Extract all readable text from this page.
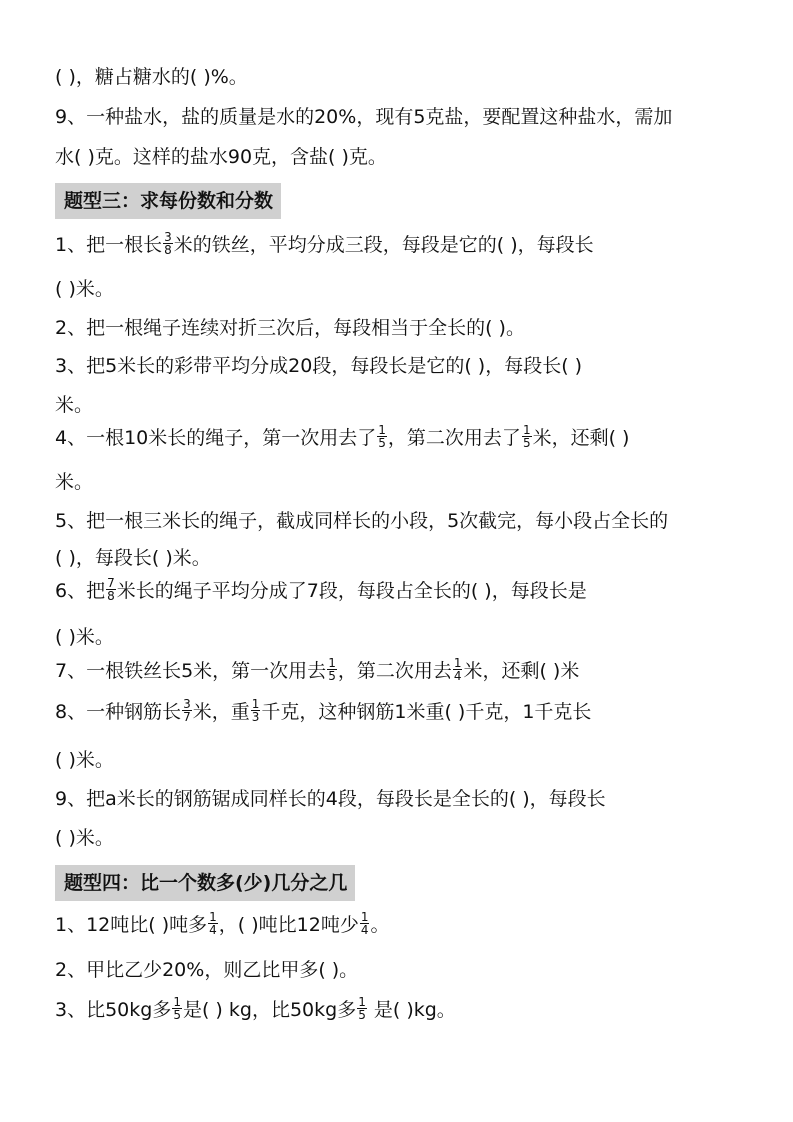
( )，糖占糖水的( )%。
9、一种盐水，盐的质量是水的20%，现有5克盐，要配置这种盐水，需加
水( )克。这样的盐水90克，含盐( )克。
题型三：求每份数和分数
1、把一根长 $\frac{3}{8}$ 米的铁丝，平均分成三段，每段是它的( )，每段长
( )米。
2、把一根绳子连续对折三次后，每段相当于全长的( )。
3、把5米长的彩带平均分成20段，每段长是它的( )，每段长( )
米。
4、一根10米长的绳子，第一次用去了 $\frac{1}{5}$ ，第二次用去了 $\frac{1}{5}$ 米，还剩( )
米。
5、把一根三米长的绳子，截成同样长的小段，5次截完，每小段占全长的
( )，每段长( )米。
6、把 $\frac{7}{8}$ 米长的绳子平均分成了7段，每段占全长的( )，每段长是
( )米。
7、一根铁丝长5米，第一次用去 $\frac{1}{5}$ ，第二次用去 $\frac{1}{4}$ 米，还剩( )米
8、一种钢筋长 $\frac{3}{7}$ 米，重 $\frac{1}{3}$ 千克，这种钢筋1米重( )千克，1千克长
( )米。
9、把a米长的钢筋锯成同样长的4段，每段长是全长的( )，每段长
( )米。
题型四：比一个数多(少)几分之几
1、12吨比( )吨多 $\frac{1}{4}$ ，( )吨比12吨少 $\frac{1}{4}$ 。
2、甲比乙少20%，则乙比甲多( )。
3、比50kg多 $\frac{1}{5}$ 是( ) kg，比50kg多 $\frac{1}{5}$ 是( )kg。
